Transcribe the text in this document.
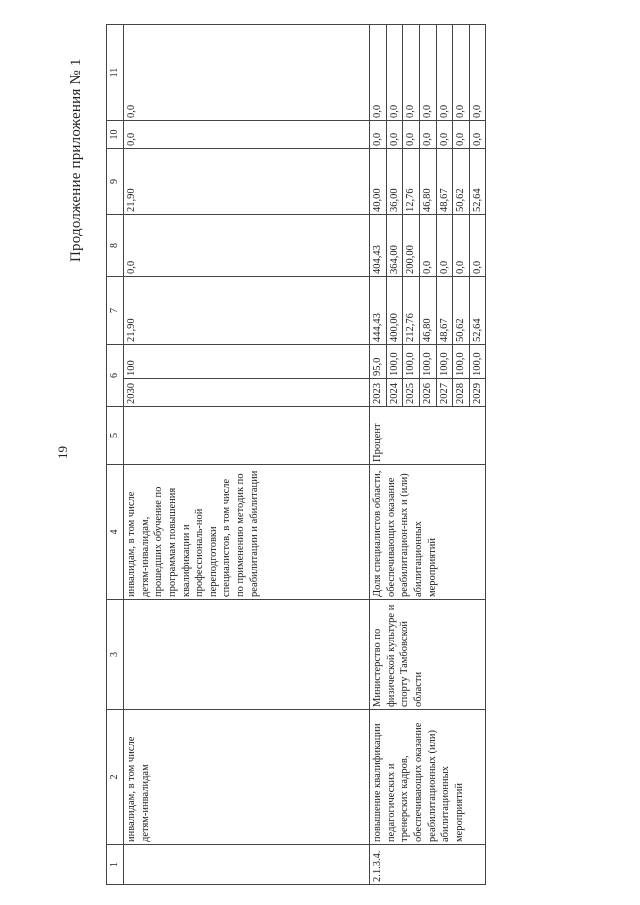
19
Продолжение приложения № 1
1	2	3	4	5	6		7	8	9	10	11
	инвалидам, в том числе детям-инвалидам		инвалидам, в том числе детям-инвалидам, прошедших обучение по программам повышения квалификации и профессиональ-ной переподготовки специалистов, в том числе по применению методик по реабилитации и абилитации		2030	100	21,90	0,0	21,90	0,0	0,0
2.1.3.4.	повышение квалификации педагогических и тренерских кадров, обеспечивающих оказание реабилитационных (или) абилитационных мероприятий	Министерство по физической культуре и спорту Тамбовской области	Доля специалистов области, обеспечивающих оказание реабилитацион-ных и (или) абилитационных мероприятий	Процент	2023	95,0	444,43	404,43	40,00	0,0	0,0
					2024	100,0	400,00	364,00	36,00	0,0	0,0
					2025	100,0	212,76	200,00	12,76	0,0	0,0
					2026	100,0	46,80	0,0	46,80	0,0	0,0
					2027	100,0	48,67	0,0	48,67	0,0	0,0
					2028	100,0	50,62	0,0	50,62	0,0	0,0
					2029	100,0	52,64	0,0	52,64	0,0	0,0
